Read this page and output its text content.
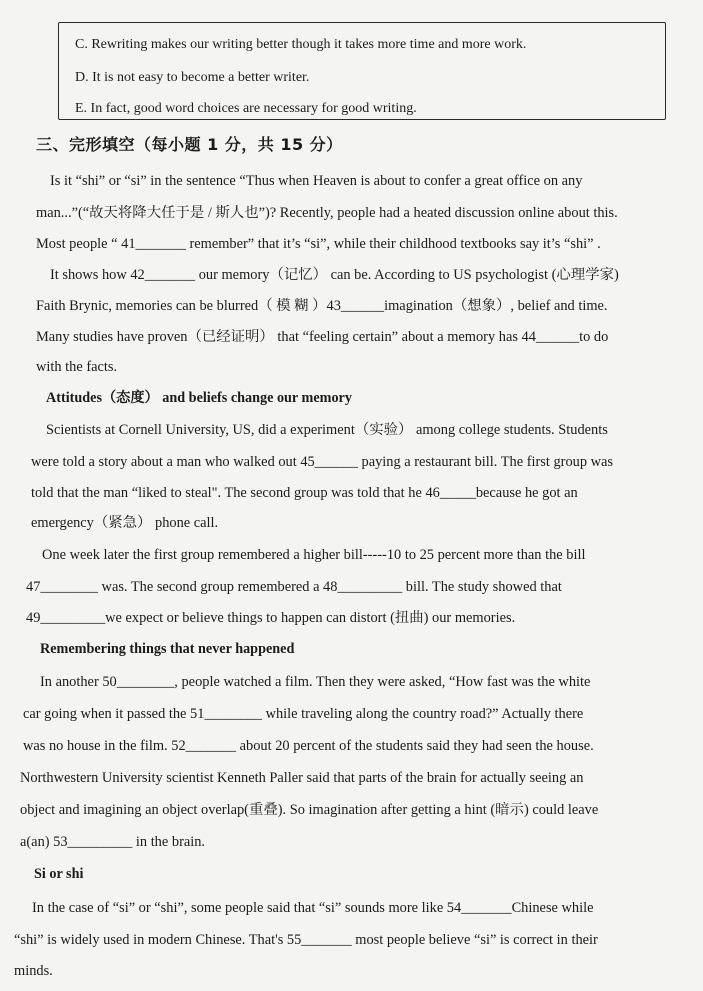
C. Rewriting makes our writing better though it takes more time and more work.
D. It is not easy to become a better writer.
E. In fact, good word choices are necessary for good writing.
三、完形填空（每小题 1 分，共 15 分）
Is it “shi” or “si” in the sentence “Thus when Heaven is about to confer a great office on any
man...”(“故天将降大任于是 / 斯人也”)? Recently, people had a heated discussion online about this.
Most people “ 41_______ remember” that it’s “si”, while their childhood textbooks say it’s “shi” .
It shows how 42_______ our memory（记忆） can be. According to US psychologist (心理学家)
Faith Brynic, memories can be blurred（ 模 糊 ）43______imagination（想象）, belief and time.
Many studies have proven（已经证明） that “feeling certain” about a memory has 44______to do
with the facts.
Attitudes（态度） and beliefs change our memory
Scientists at Cornell University, US, did a experiment（实验） among college students. Students
were told a story about a man who walked out 45______ paying a restaurant bill. The first group was
told that the man “liked to steal". The second group was told that he 46_____because he got an
emergency（紧急） phone call.
One week later the first group remembered a higher bill-----10 to 25 percent more than the bill
47________ was. The second group remembered a 48_________ bill. The study showed that
49_________we expect or believe things to happen can distort (扭曲) our memories.
Remembering things that never happened
In another 50________, people watched a film. Then they were asked, “How fast was the white
car going when it passed the 51________ while traveling along the country road?” Actually there
was no house in the film. 52_______ about 20 percent of the students said they had seen the house.
Northwestern University scientist Kenneth Paller said that parts of the brain for actually seeing an
object and imagining an object overlap(重叠). So imagination after getting a hint (暗示) could leave
a(an) 53_________ in the brain.
Si or shi
In the case of “si” or “shi”, some people said that “si” sounds more like 54_______Chinese while
“shi” is widely used in modern Chinese. That's 55_______ most people believe “si” is correct in their
minds.
